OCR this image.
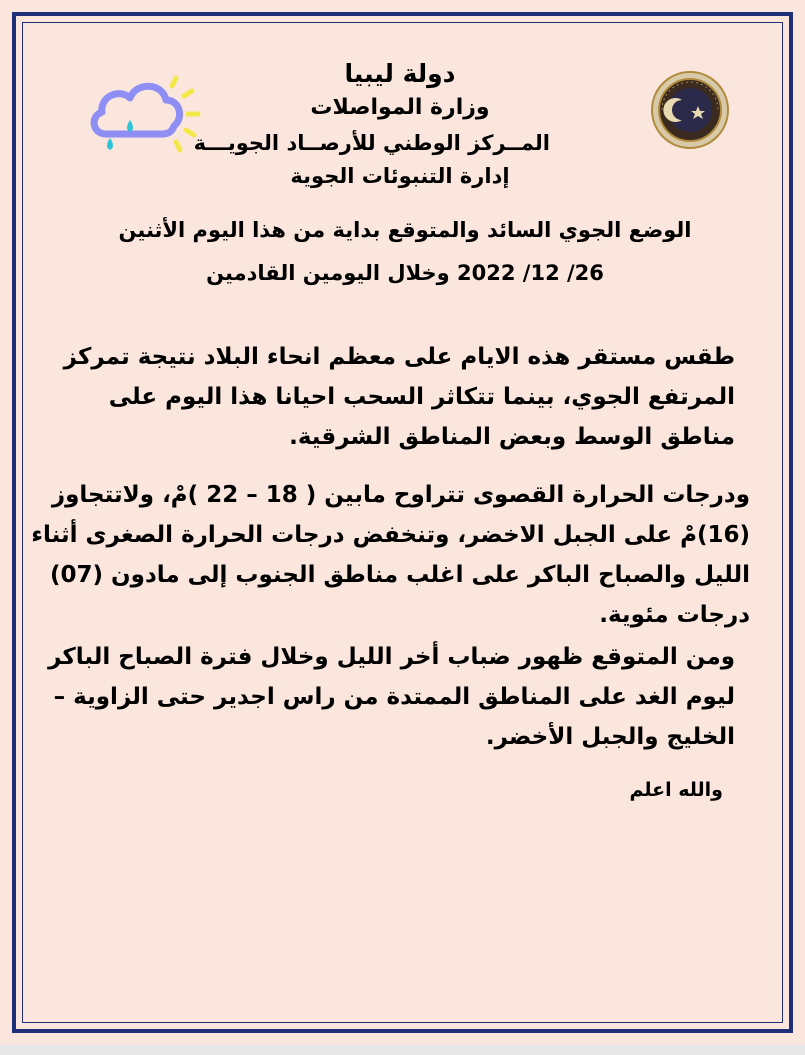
دولة ليبيا
وزارة المواصلات
المــركز الوطني للأرصــاد الجويـــة
إدارة التنبوئات الجوية
الوضع الجوي السائد والمتوقع بداية من هذا اليوم الأثنين
26/ 12/ 2022 وخلال اليومين القادمين
طقس مستقر هذه الايام على معظم انحاء البلاد نتيجة تمركز
المرتفع الجوي، بينما تتكاثر السحب احيانا هذا اليوم على
مناطق الوسط وبعض المناطق الشرقية.
ودرجات الحرارة القصوى تتراوح مابين ( 18 – 22 )مْ، ولاتتجاوز
(16)مْ على الجبل الاخضر، وتنخفض درجات الحرارة الصغرى أثناء
الليل والصباح الباكر على اغلب مناطق الجنوب إلى مادون (07)
درجات مئوية.
ومن المتوقع ظهور ضباب أخر الليل وخلال فترة الصباح الباكر
ليوم الغد على المناطق الممتدة من راس اجدير حتى الزاوية –
الخليج والجبل الأخضر.
والله اعلم
